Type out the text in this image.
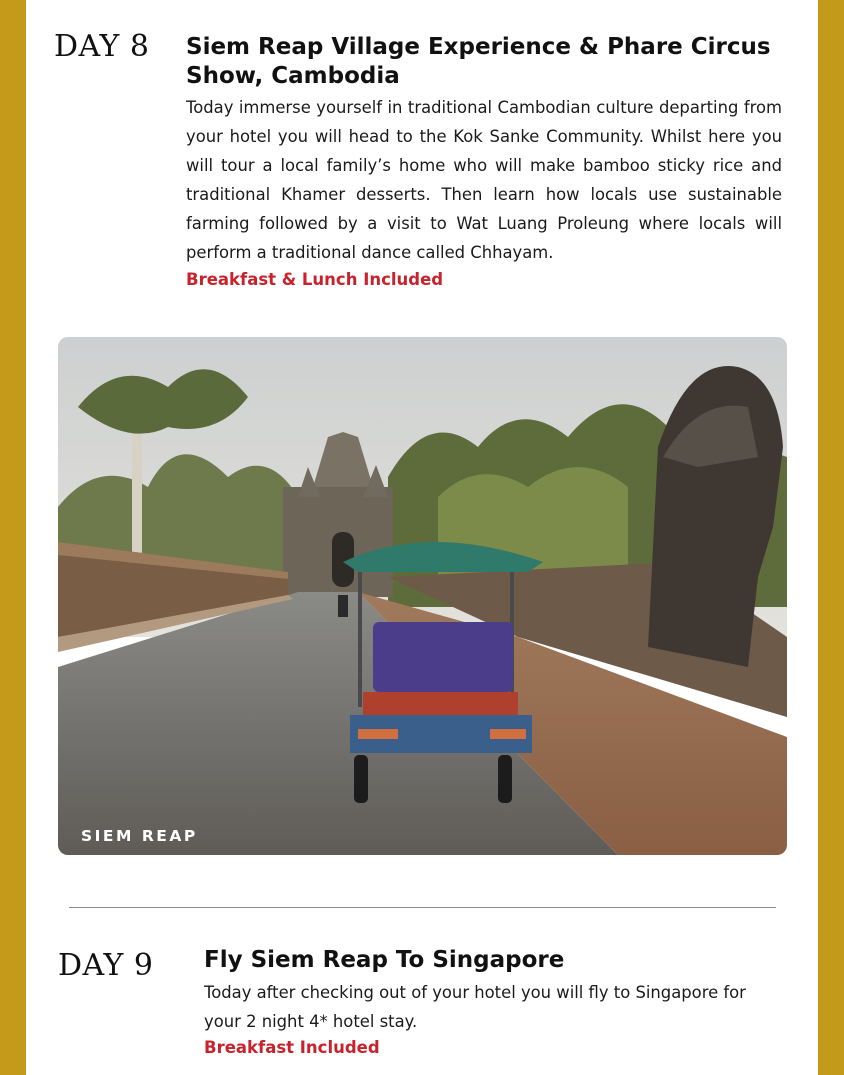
DAY 8 Siem Reap Village Experience & Phare Circus Show, Cambodia
Today immerse yourself in traditional Cambodian culture departing from your hotel you will head to the Kok Sanke Community. Whilst here you will tour a local family’s home who will make bamboo sticky rice and traditional Khamer desserts. Then learn how locals use sustainable farming followed by a visit to Wat Luang Proleung where locals will perform a traditional dance called Chhayam.
Breakfast & Lunch Included
SIEM REAP
DAY 9 Fly Siem Reap To Singapore
Today after checking out of your hotel you will fly to Singapore for your 2 night 4* hotel stay.
Breakfast Included
